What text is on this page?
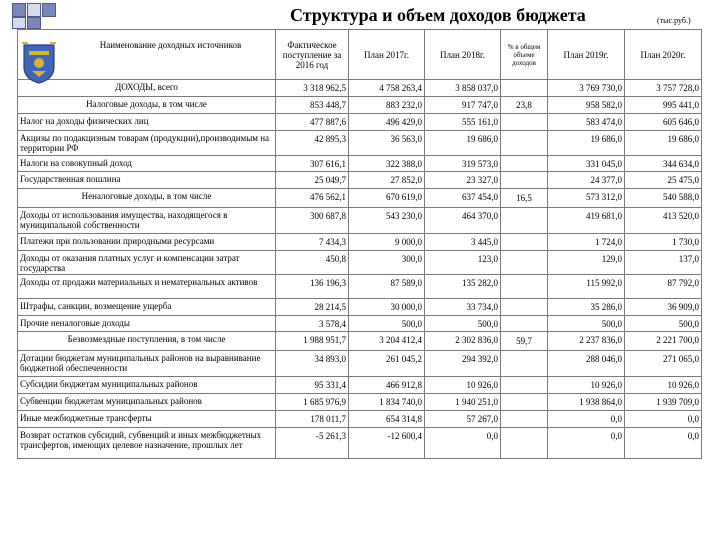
Структура и объем доходов бюджета	(тыс.руб.)
Наименование доходных источников	Фактическое поступление за 2016 год	План 2017г.	План 2018г.	% в общем объеме доходов	План 2019г.	План 2020г.
ДОХОДЫ, всего	3 318 962,5	4 758 263,4	3 858 037,0		3 769 730,0	3 757 728,0
Налоговые доходы, в том числе	853 448,7	883 232,0	917 747,0	23,8	958 582,0	995 441,0
Налог на доходы физических лиц	477 887,6	496 429,0	555 161,0		583 474,0	605 646,0
Акцизы по подакцизным товарам (продукции),производимым на территории РФ	42 895,3	36 563,0	19 686,0		19 686,0	19 686,0
Налоги на совокупный доход	307 616,1	322 388,0	319 573,0		331 045,0	344 634,0
Государственная пошлина	25 049,7	27 852,0	23 327,0		24 377,0	25 475,0
Неналоговые доходы, в том числе	476 562,1	670 619,0	637 454,0	16,5	573 312,0	540 588,0
Доходы от использования имущества, находящегося в муниципальной собственности	300 687,8	543 230,0	464 370,0		419 681,0	413 520,0
Платежи при пользовании природными ресурсами	7 434,3	9 000,0	3 445,0		1 724,0	1 730,0
Доходы от оказания платных услуг и компенсации затрат государства	450,8	300,0	123,0		129,0	137,0
Доходы от продажи материальных и нематериальных активов	136 196,3	87 589,0	135 282,0		115 992,0	87 792,0
Штрафы, санкции, возмещение ущерба	28 214,5	30 000,0	33 734,0		35 286,0	36 909,0
Прочие неналоговые доходы	3 578,4	500,0	500,0		500,0	500,0
Безвозмездные поступления, в том числе	1 988 951,7	3 204 412,4	2 302 836,0	59,7	2 237 836,0	2 221 700,0
Дотации бюджетам муниципальных районов на выравнивание бюджетной обеспеченности	34 893,0	261 045,2	294 392,0		288 046,0	271 065,0
Субсидии бюджетам муниципальных районов	95 331,4	466 912,8	10 926,0		10 926,0	10 926,0
Субвенции бюджетам муниципальных районов	1 685 976,9	1 834 740,0	1 940 251,0		1 938 864,0	1 939 709,0
Иные межбюджетные трансферты	178 011,7	654 314,8	57 267,0		0,0	0,0
Возврат остатков субсидий, субвенций и иных межбюджетных трансфертов, имеющих целевое назначение, прошлых лет	-5 261,3	-12 600,4	0,0		0,0	0,0
